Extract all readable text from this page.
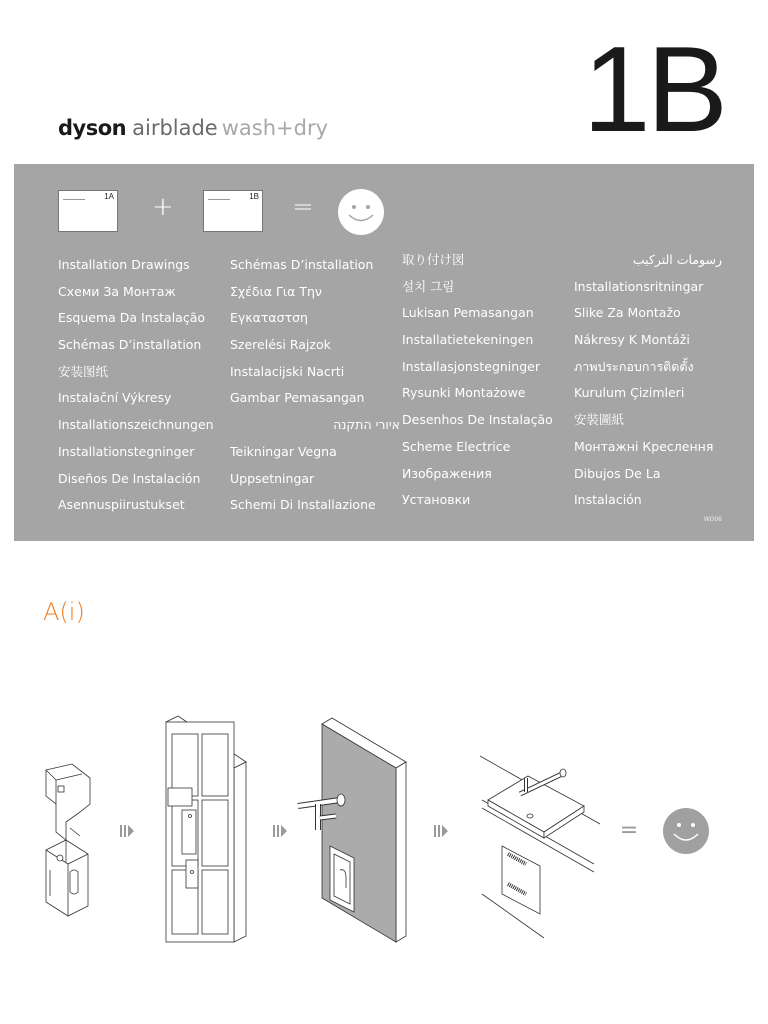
1B
dyson airblade wash+dry
1A +	1B =
Installation Drawings
Схеми За Монтаж
Esquema Da Instalação
Schémas D’installation
安装图纸
Instalační Výkresy
Installationszeichnungen
Installationstegninger
Diseños De Instalación
Asennuspiirustukset
Schémas D’installation
Σχέδια Για Την
Εγκαταστση
Szerelési Rajzok
Instalacijski Nacrti
Gambar Pemasangan
איורי התקנה
Teikningar Vegna
Uppsetningar
Schemi Di Installazione
取り付け図
설치 그림
Lukisan Pemasangan
Installatietekeningen
Installasjonstegninger
Rysunki Montażowe
Desenhos De Instalação
Scheme Electrice
Изображения
Установки
رسومات التركيب
Installationsritningar
Slike Za Montažo
Nákresy K Montáži
ภาพประกอบการติดตั้ง
Kurulum Çizimleri
安裝圖紙
Монтажні Креслення
Dibujos De La
Instalación
WD06
A(i)
=
